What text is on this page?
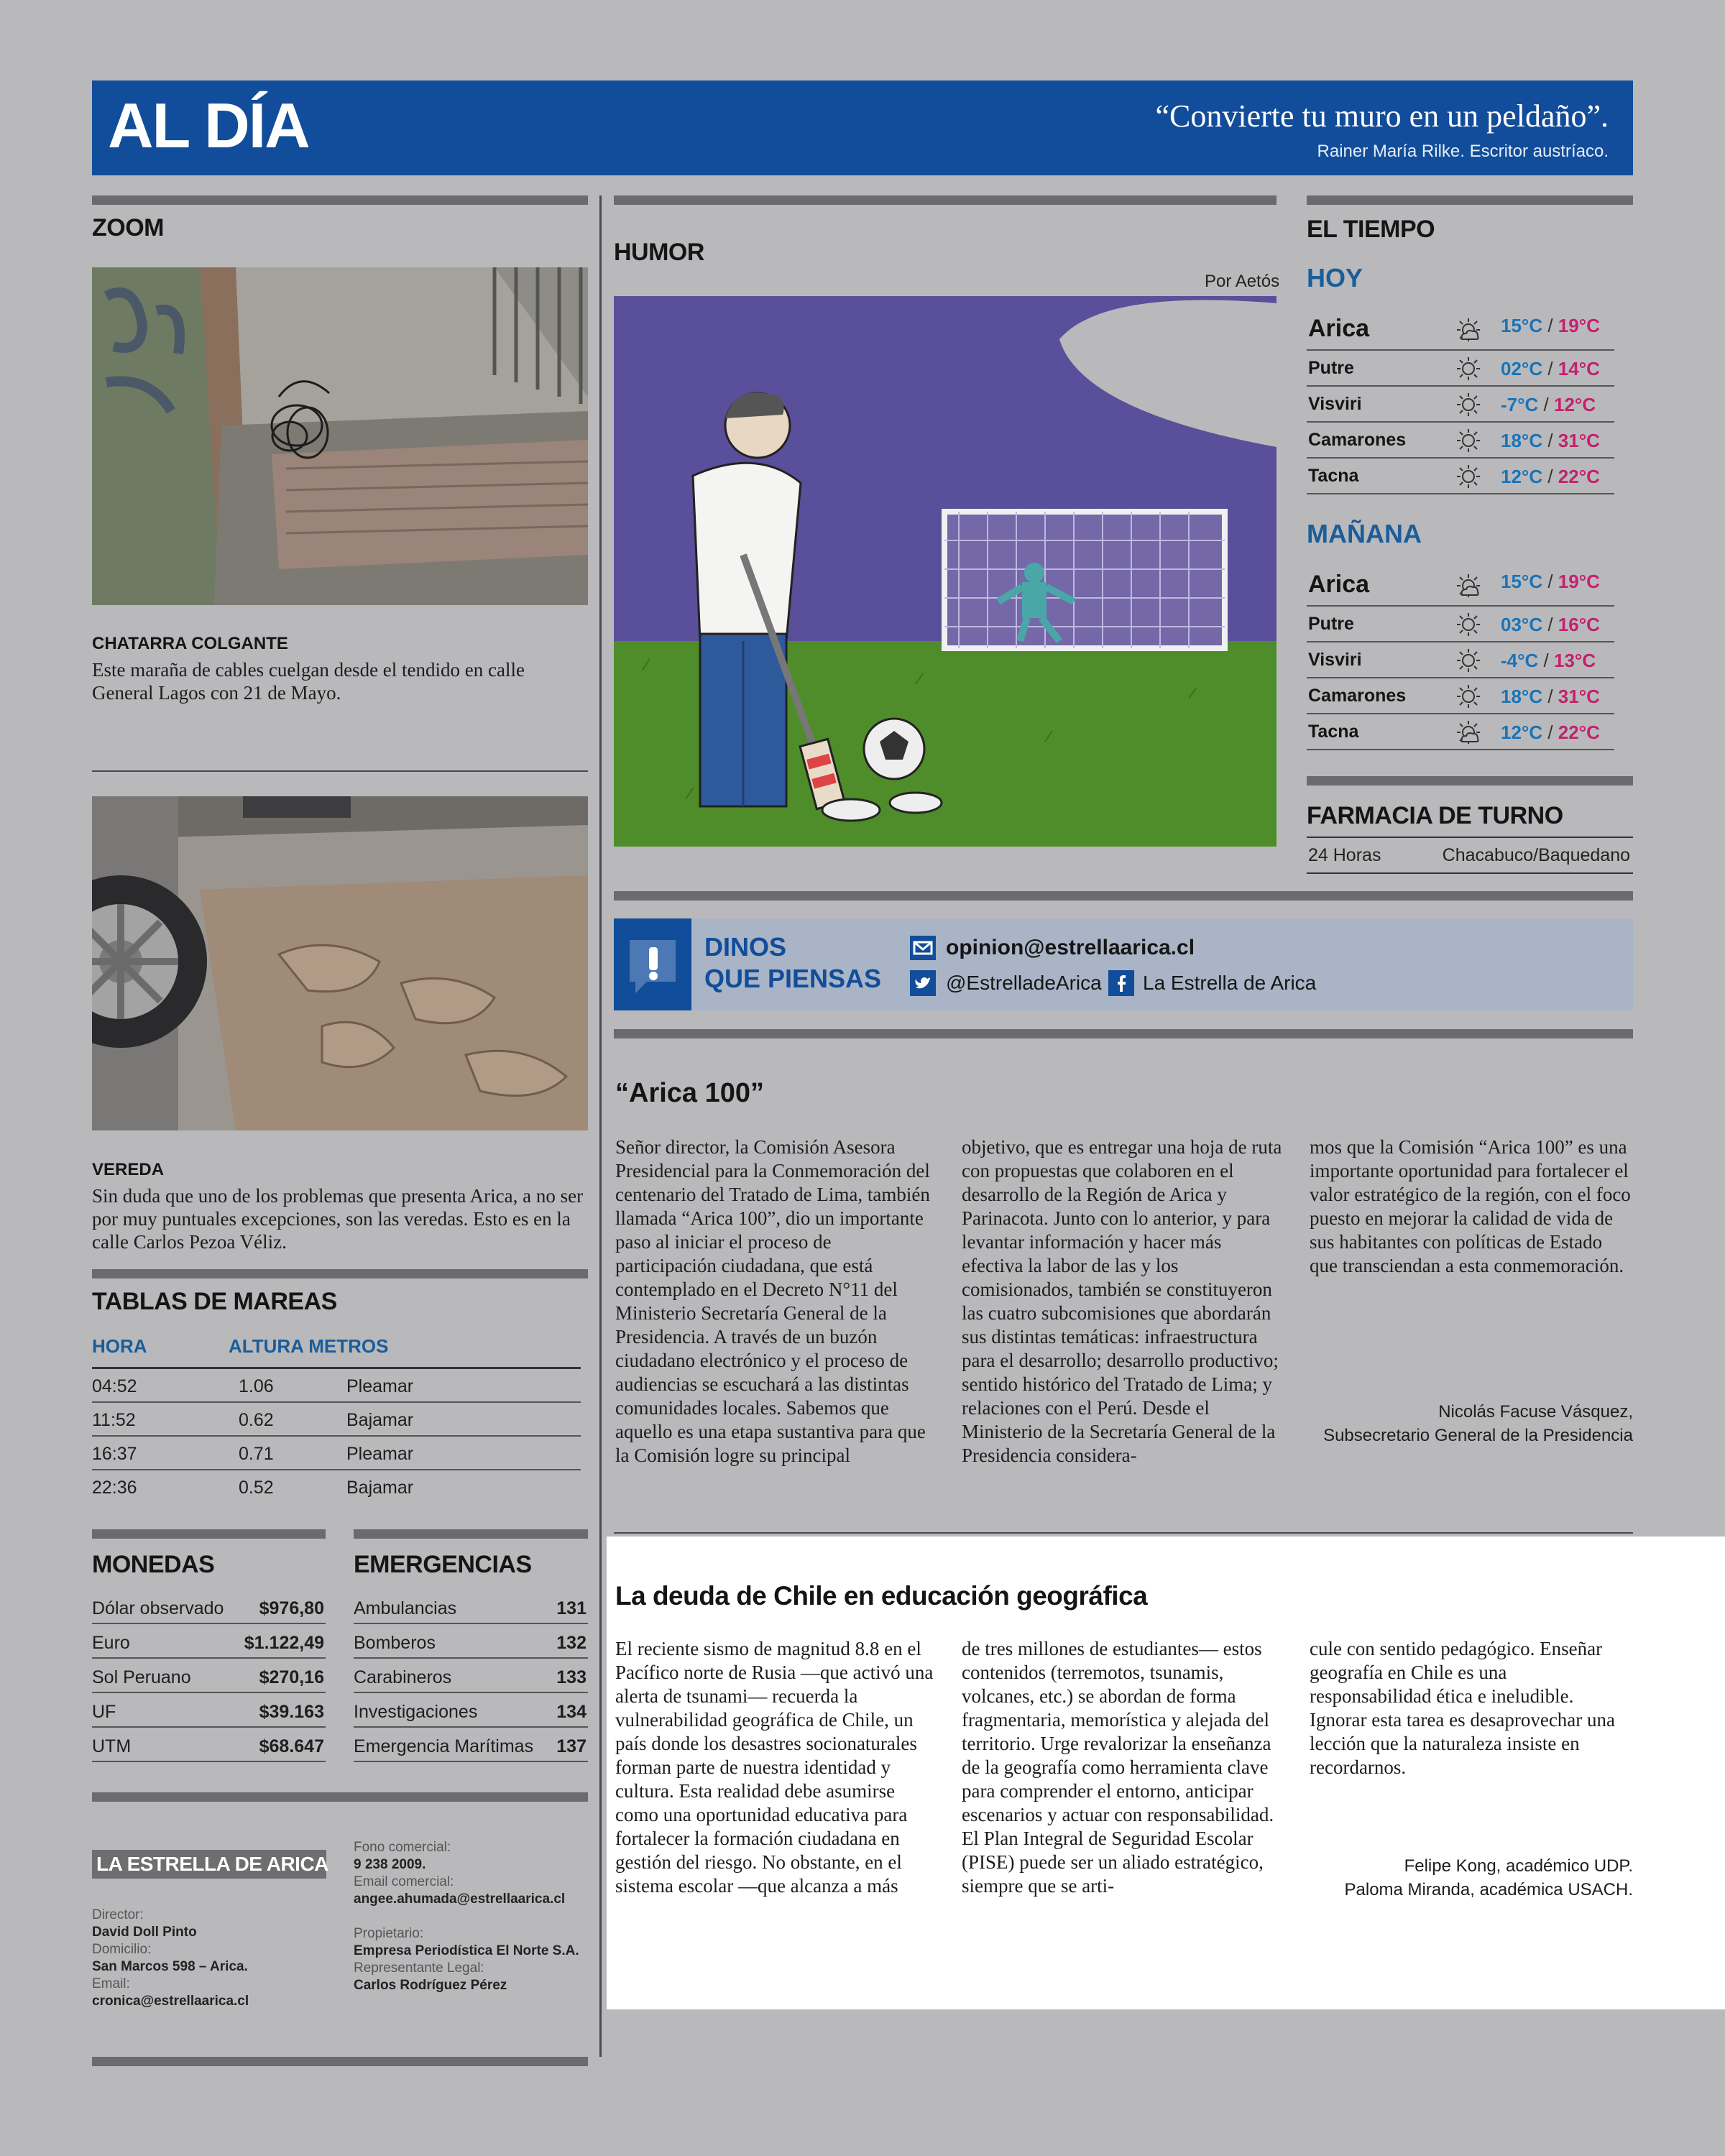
AL DÍA	“Convierte tu muro en un peldaño”.
Rainer María Rilke. Escritor austríaco.
ZOOM
CHATARRA COLGANTE
Este maraña de cables cuelgan desde el tendido en calle General Lagos con 21 de Mayo.
VEREDA
Sin duda que uno de los problemas que presenta Arica, a no ser por muy puntuales excepciones, son las veredas. Esto es en la calle Carlos Pezoa Véliz.
TABLAS DE MAREAS
HORA	ALTURA METROS
04:52	1.06	Pleamar
11:52	0.62	Bajamar
16:37	0.71	Pleamar
22:36	0.52	Bajamar
MONEDAS
Dólar observado $976,80
Euro	$1.122,49
Sol Peruano	$270,16
UF	$39.163
UTM	$68.647
EMERGENCIAS
Ambulancias	131
Bomberos	132
Carabineros	133
Investigaciones	134
Emergencia Marítimas 137
LA ESTRELLA DE ARICA
Director:
David Doll Pinto
Domicilio:
San Marcos 598 – Arica.
Email:
cronica@estrellaarica.cl
Fono comercial:
9 238 2009.
Email comercial:
angee.ahumada@estrellaarica.cl
Propietario:
Empresa Periodística El Norte S.A.
Representante Legal:
Carlos Rodríguez Pérez
HUMOR
Por Aetós
DINOS
QUE PIENSAS
opinion@estrellaarica.cl
@EstrelladeArica La Estrella de Arica
“Arica 100”
Señor director, la Comisión Asesora Presidencial para la Conmemoración del centenario del Tratado de Lima, también llamada “Arica 100”, dio un importante paso al iniciar el proceso de participación ciudadana, que está contemplado en el Decreto N°11 del Ministerio Secretaría General de la Presidencia. A través de un buzón ciudadano electrónico y el proceso de audiencias se escuchará a las distintas comunidades locales. Sabemos que aquello es una etapa sustantiva para que la Comisión logre su principal
objetivo, que es entregar una hoja de ruta con propuestas que colaboren en el desarrollo de la Región de Arica y Parinacota. Junto con lo anterior, y para levantar información y hacer más efectiva la labor de las y los comisionados, también se constituyeron las cuatro subcomisiones que abordarán sus distintas temáticas: infraestructura para el desarrollo; desarrollo productivo; sentido histórico del Tratado de Lima; y relaciones con el Perú. Desde el Ministerio de la Secretaría General de la Presidencia considera-
mos que la Comisión “Arica 100” es una importante oportunidad para fortalecer el valor estratégico de la región, con el foco puesto en mejorar la calidad de vida de sus habitantes con políticas de Estado que transciendan a esta conmemoración.
Nicolás Facuse Vásquez,
Subsecretario General de la Presidencia
La deuda de Chile en educación geográfica
El reciente sismo de magnitud 8.8 en el Pacífico norte de Rusia —que activó una alerta de tsunami— recuerda la vulnerabilidad geográfica de Chile, un país donde los desastres socionaturales forman parte de nuestra identidad y cultura. Esta realidad debe asumirse como una oportunidad educativa para fortalecer la formación ciudadana en gestión del riesgo. No obstante, en el sistema escolar —que alcanza a más
de tres millones de estudiantes— estos contenidos (terremotos, tsunamis, volcanes, etc.) se abordan de forma fragmentaria, memorística y alejada del territorio. Urge revalorizar la enseñanza de la geografía como herramienta clave para comprender el entorno, anticipar escenarios y actuar con responsabilidad. El Plan Integral de Seguridad Escolar (PISE) puede ser un aliado estratégico, siempre que se arti-
cule con sentido pedagógico. Enseñar geografía en Chile es una responsabilidad ética e ineludible. Ignorar esta tarea es desaprovechar una lección que la naturaleza insiste en recordarnos.
Felipe Kong, académico UDP.
Paloma Miranda, académica USACH.
EL TIEMPO
HOY
Arica	15°C / 19°C
Putre	02°C / 14°C
Visviri	-7°C / 12°C
Camarones	18°C / 31°C
Tacna	12°C / 22°C
MAÑANA
Arica	15°C / 19°C
Putre	03°C / 16°C
Visviri	-4°C / 13°C
Camarones	18°C / 31°C
Tacna	12°C / 22°C
FARMACIA DE TURNO
24 Horas	Chacabuco/Baquedano
